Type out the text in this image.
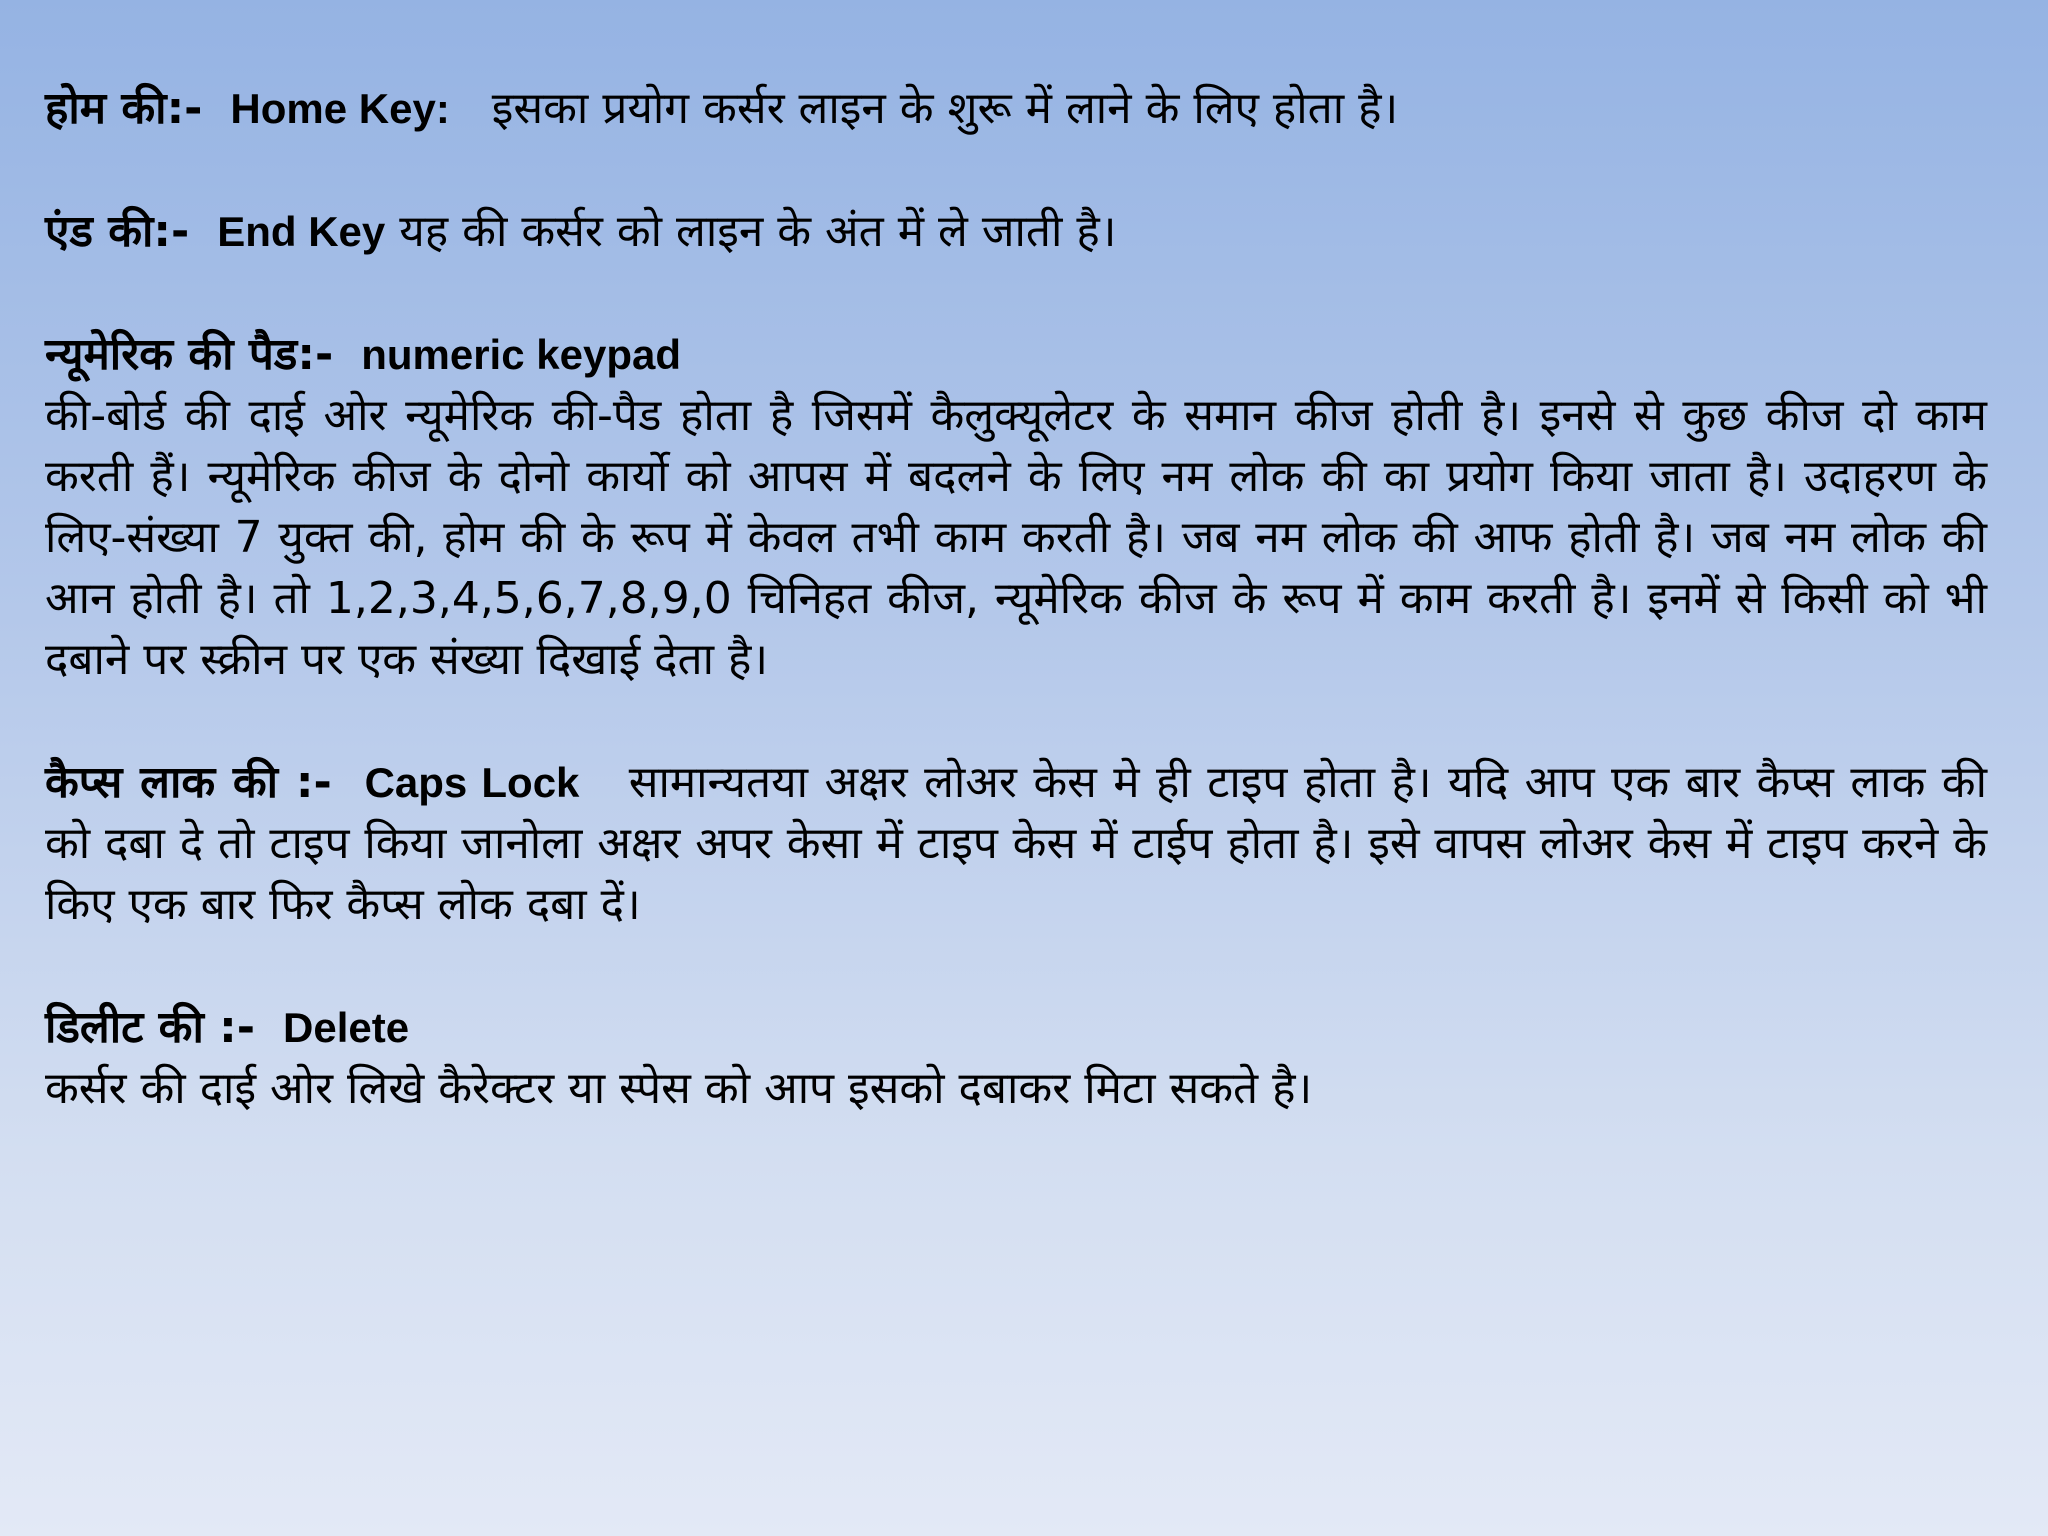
होम की:- Home Key: इसका प्रयोग कर्सर लाइन के शुरू में लाने के लिए होता है।

एंड की:- End Key यह की कर्सर को लाइन के अंत में ले जाती है।

न्यूमेरिक की पैड:- numeric keypad

की-बोर्ड की दाई ओर न्यूमेरिक की-पैड होता है जिसमें कैलुक्यूलेटर के समान कीज होती है। इनसे से कुछ कीज दो काम करती हैं। न्यूमेरिक कीज के दोनो कार्यो को आपस में बदलने के लिए नम लोक की का प्रयोग किया जाता है। उदाहरण के लिए-संख्या 7 युक्त की, होम की के रूप में केवल तभी काम करती है। जब नम लोक की आफ होती है। जब नम लोक की आन होती है। तो 1,2,3,4,5,6,7,8,9,0 चिनिहत कीज, न्यूमेरिक कीज के रूप में काम करती है। इनमें से किसी को भी दबाने पर स्क्रीन पर एक संख्या दिखाई देता है।

कैप्स लाक की :- Caps Lock सामान्यतया अक्षर लोअर केस मे ही टाइप होता है। यदि आप एक बार कैप्स लाक की को दबा दे तो टाइप किया जानोला अक्षर अपर केसा में टाइप केस में टाईप होता है। इसे वापस लोअर केस में टाइप करने के किए एक बार फिर कैप्स लोक दबा दें।

डिलीट की :- Delete

कर्सर की दाई ओर लिखे कैरेक्टर या स्पेस को आप इसको दबाकर मिटा सकते है।
